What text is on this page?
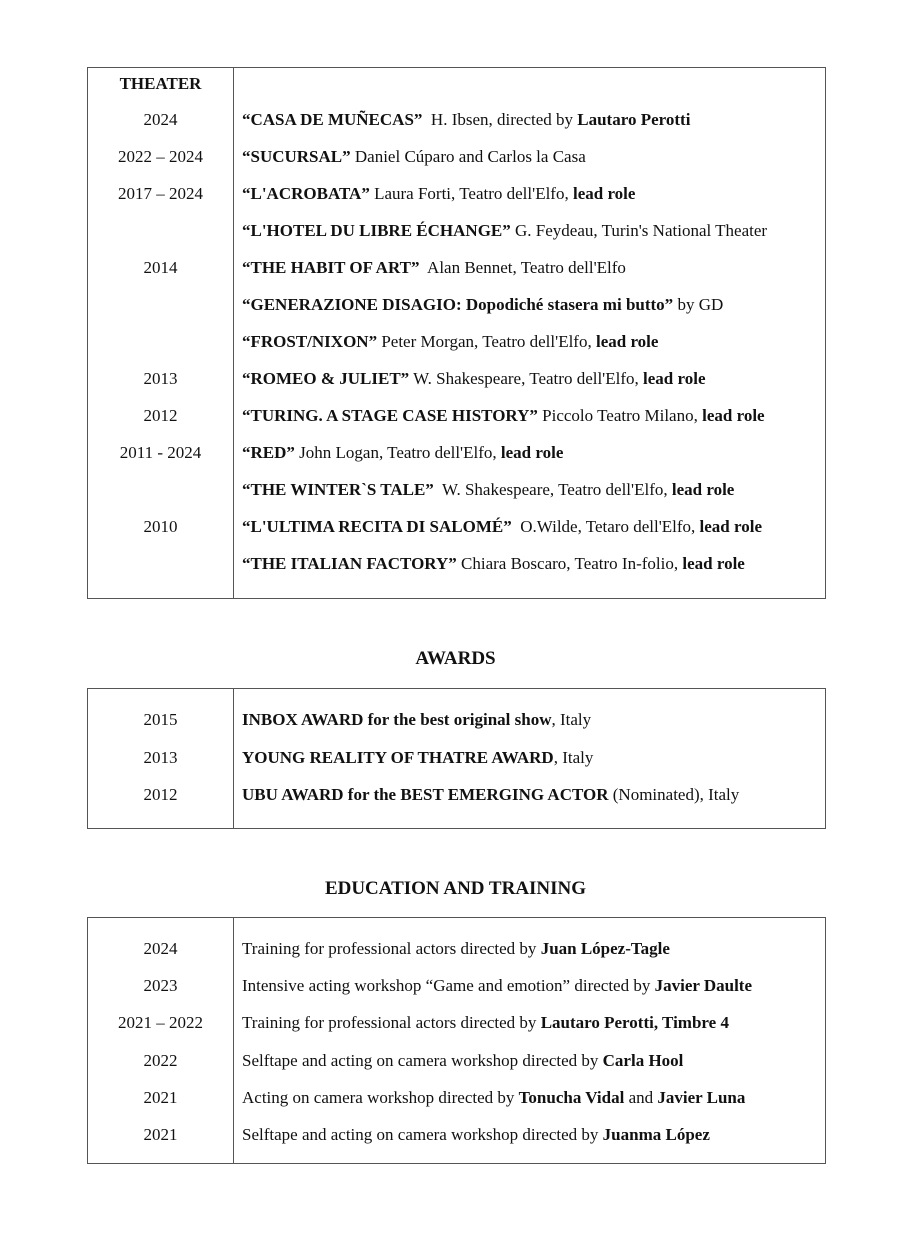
THEATER
2024	“CASA DE MUÑECAS”  H. Ibsen, directed by Lautaro Perotti
2022 – 2024	“SUCURSAL” Daniel Cúparo and Carlos la Casa
2017 – 2024	“L'ACROBATA” Laura Forti, Teatro dell'Elfo, lead role
“L'HOTEL DU LIBRE ÉCHANGE” G. Feydeau, Turin's National Theater
2014	“THE HABIT OF ART”  Alan Bennet, Teatro dell'Elfo
“GENERAZIONE DISAGIO: Dopodiché stasera mi butto” by GD
“FROST/NIXON” Peter Morgan, Teatro dell'Elfo, lead role
2013	“ROMEO & JULIET” W. Shakespeare, Teatro dell'Elfo, lead role
2012	“TURING. A STAGE CASE HISTORY” Piccolo Teatro Milano, lead role
2011 - 2024	“RED” John Logan, Teatro dell'Elfo, lead role
“THE WINTER`S TALE”  W. Shakespeare, Teatro dell'Elfo, lead role
2010	“L'ULTIMA RECITA DI SALOMÉ”  O.Wilde, Tetaro dell'Elfo, lead role
“THE ITALIAN FACTORY” Chiara Boscaro, Teatro In-folio, lead role
AWARDS
2015	INBOX AWARD for the best original show, Italy
2013	YOUNG REALITY OF THATRE AWARD, Italy
2012	UBU AWARD for the BEST EMERGING ACTOR (Nominated), Italy
EDUCATION AND TRAINING
2024	Training for professional actors directed by Juan López-Tagle
2023	Intensive acting workshop “Game and emotion” directed by Javier Daulte
2021 – 2022	Training for professional actors directed by Lautaro Perotti, Timbre 4
2022	Selftape and acting on camera workshop directed by Carla Hool
2021	Acting on camera workshop directed by Tonucha Vidal and Javier Luna
2021	Selftape and acting on camera workshop directed by Juanma López
